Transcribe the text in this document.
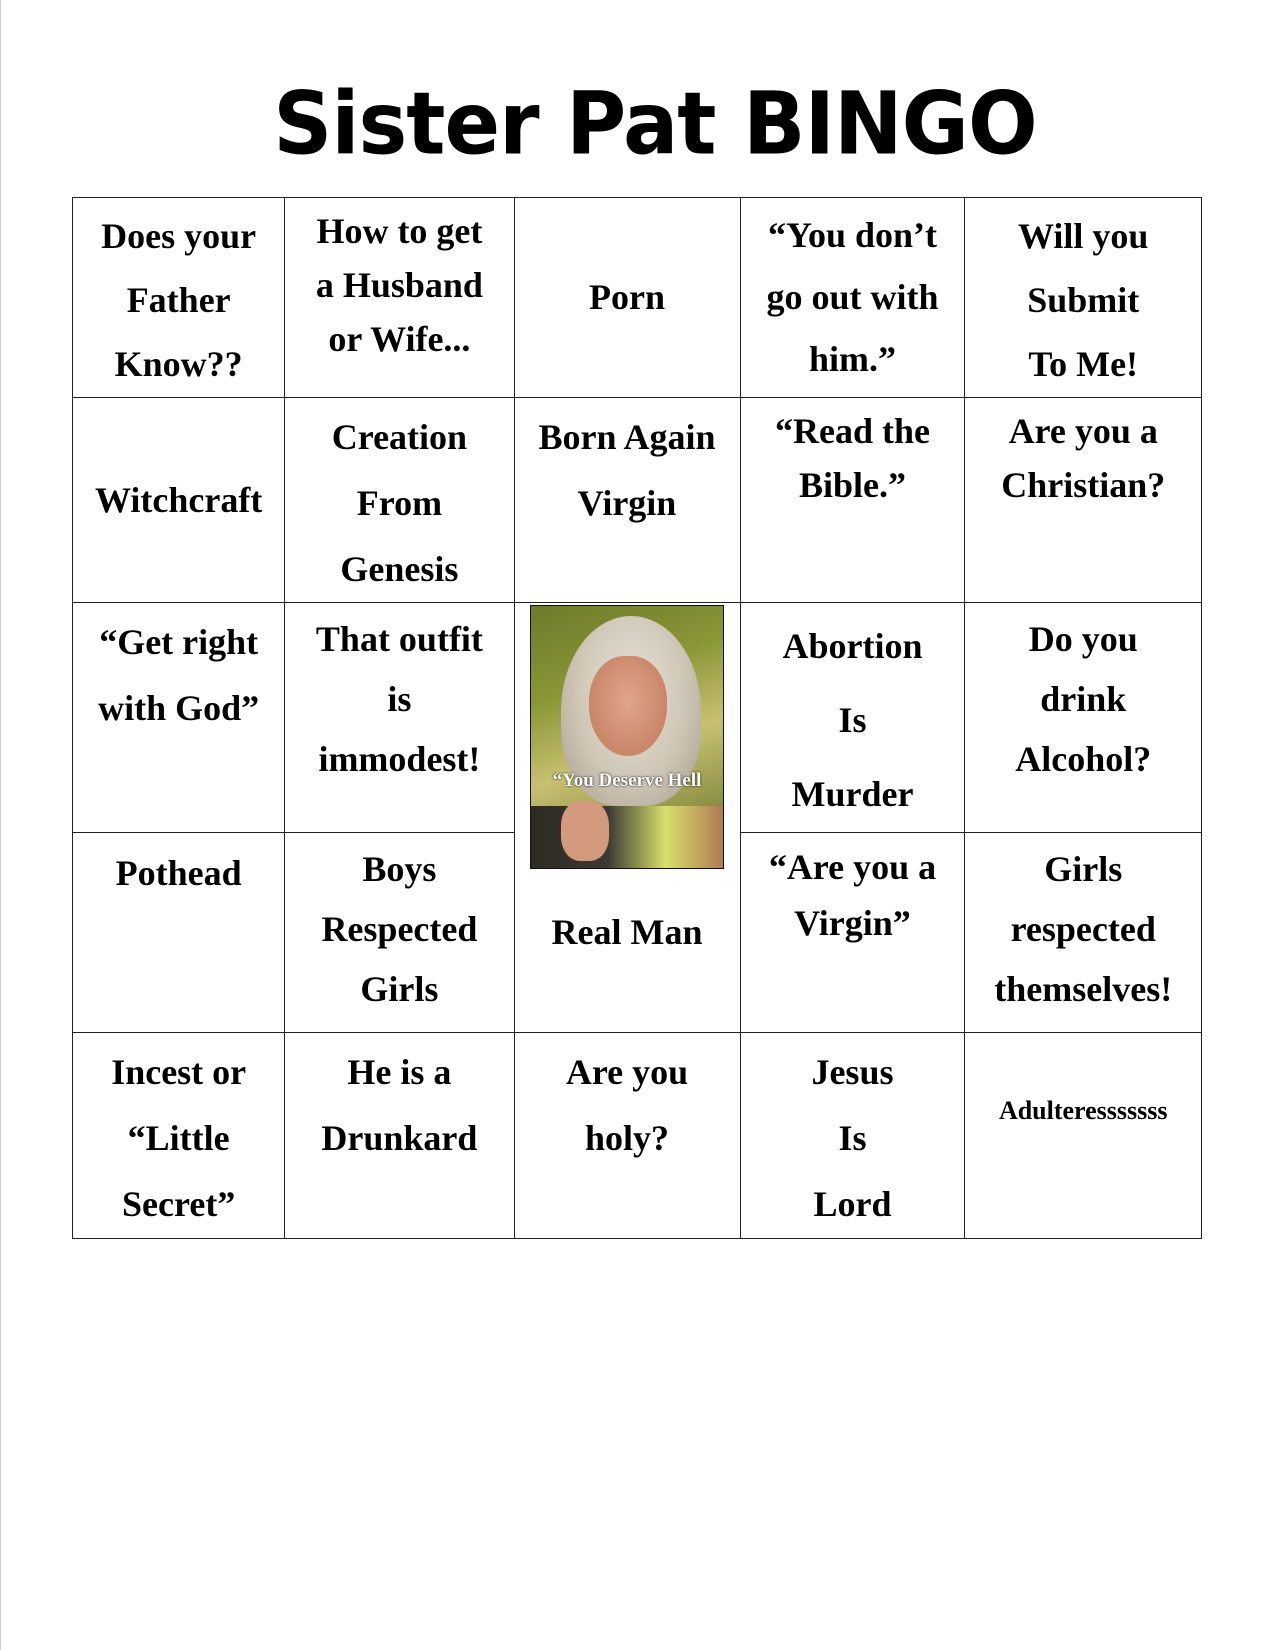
Sister Pat BINGO
Does your
Father
Know??	How to get
a Husband
or Wife...	Porn	“You don’t
go out with
him.”	Will you
Submit
To Me!

Witchcraft	Creation
From
Genesis	Born Again
Virgin	“Read the
Bible.”	Are you a
Christian?

“Get right
with God”	That outfit
is
immodest!		Abortion
Is
Murder	Do you
drink
Alcohol?

Pothead	Boys
Respected
Girls	Real Man	“Are you a
Virgin”	Girls
respected
themselves!

Incest or
“Little
Secret”	He is a
Drunkard	Are you
holy?	Jesus
Is
Lord	Adulteresssssss
“You Deserve Hell
